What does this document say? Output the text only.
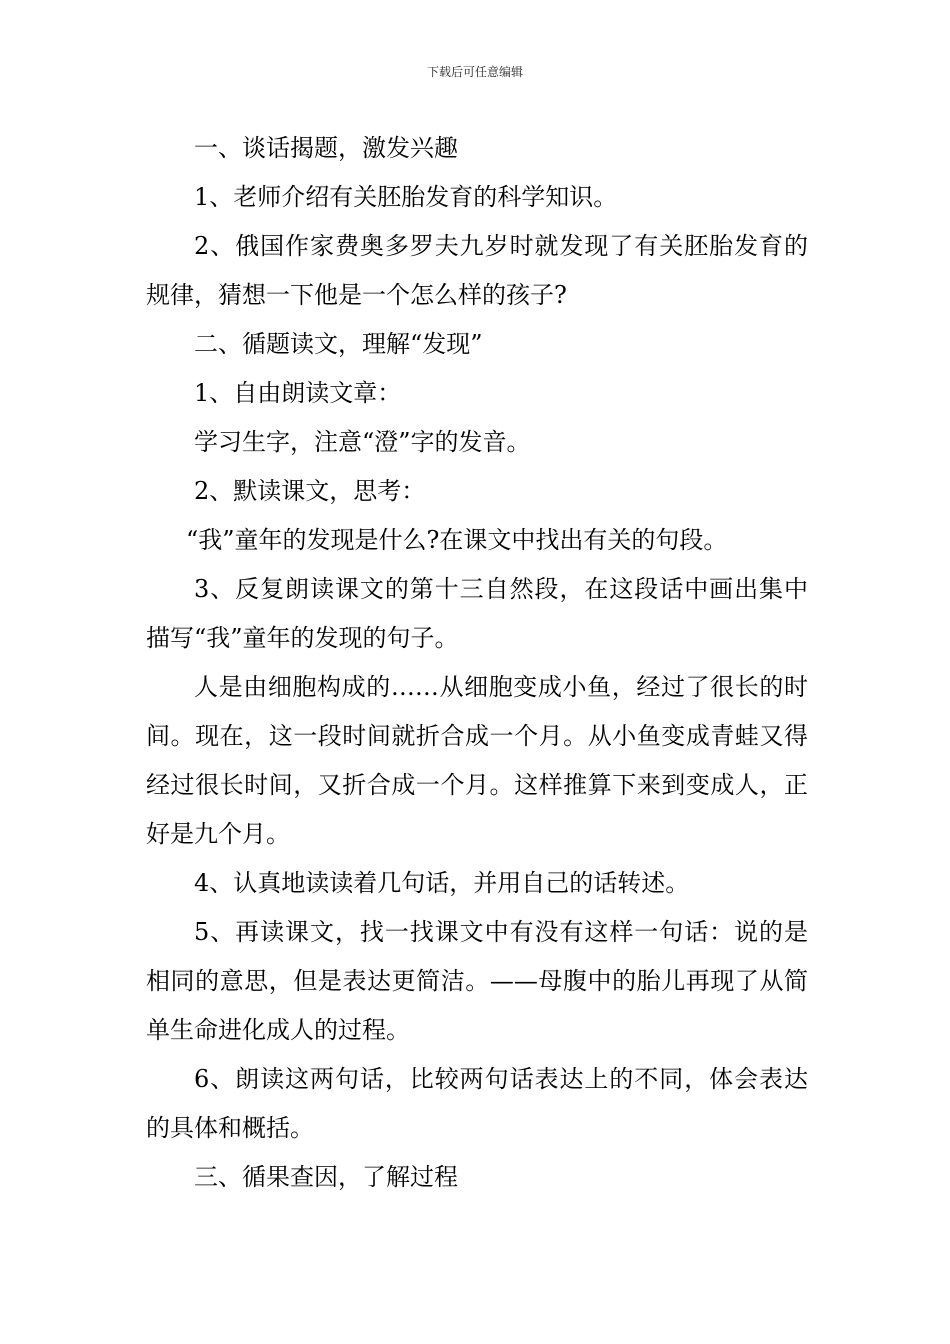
下载后可任意编辑

一、谈话揭题，激发兴趣

1、老师介绍有关胚胎发育的科学知识。

2、俄国作家费奥多罗夫九岁时就发现了有关胚胎发育的规律，猜想一下他是一个怎么样的孩子?

二、循题读文，理解“发现”

1、自由朗读文章：

学习生字，注意“澄”字的发音。

2、默读课文，思考：

“我”童年的发现是什么?在课文中找出有关的句段。

3、反复朗读课文的第十三自然段，在这段话中画出集中描写“我”童年的发现的句子。

人是由细胞构成的……从细胞变成小鱼，经过了很长的时间。现在，这一段时间就折合成一个月。从小鱼变成青蛙又得经过很长时间，又折合成一个月。这样推算下来到变成人，正好是九个月。

4、认真地读读着几句话，并用自己的话转述。

5、再读课文，找一找课文中有没有这样一句话：说的是相同的意思，但是表达更简洁。——母腹中的胎儿再现了从简单生命进化成人的过程。

6、朗读这两句话，比较两句话表达上的不同，体会表达的具体和概括。

三、循果查因，了解过程
